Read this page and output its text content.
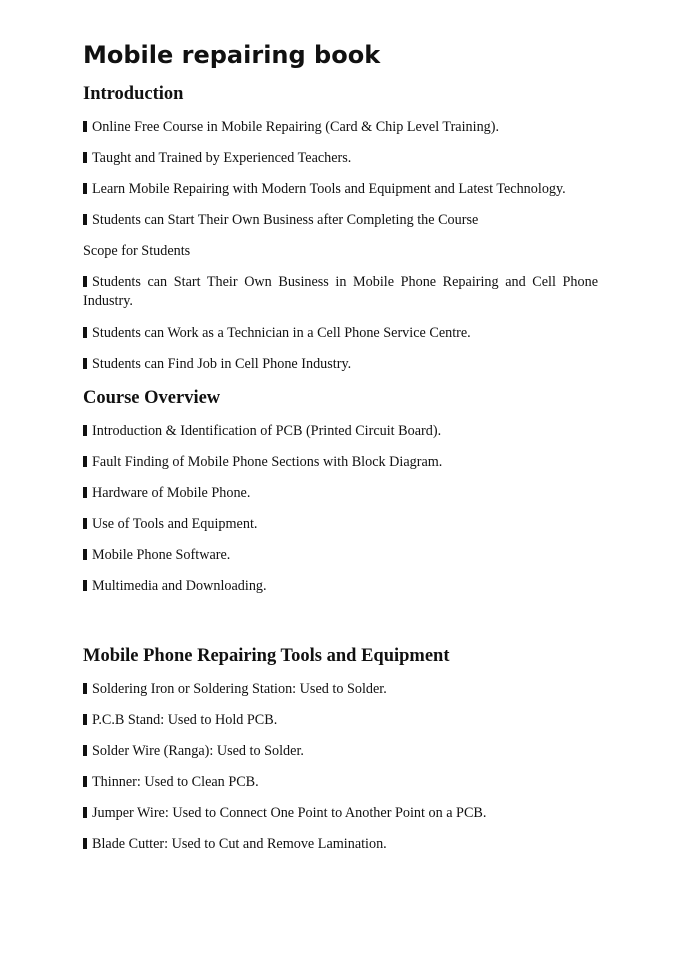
Mobile repairing book
Introduction

Online Free Course in Mobile Repairing (Card & Chip Level Training).

Taught and Trained by Experienced Teachers.

Learn Mobile Repairing with Modern Tools and Equipment and Latest Technology.

Students can Start Their Own Business after Completing the Course

Scope for Students

Students can Start Their Own Business in Mobile Phone Repairing and Cell Phone Industry.

Students can Work as a Technician in a Cell Phone Service Centre.

Students can Find Job in Cell Phone Industry.

Course Overview

Introduction & Identification of PCB (Printed Circuit Board).

Fault Finding of Mobile Phone Sections with Block Diagram.

Hardware of Mobile Phone.

Use of Tools and Equipment.

Mobile Phone Software.

Multimedia and Downloading.

Mobile Phone Repairing Tools and Equipment

Soldering Iron or Soldering Station: Used to Solder.

P.C.B Stand: Used to Hold PCB.

Solder Wire (Ranga): Used to Solder.

Thinner: Used to Clean PCB.

Jumper Wire: Used to Connect One Point to Another Point on a PCB.

Blade Cutter: Used to Cut and Remove Lamination.
